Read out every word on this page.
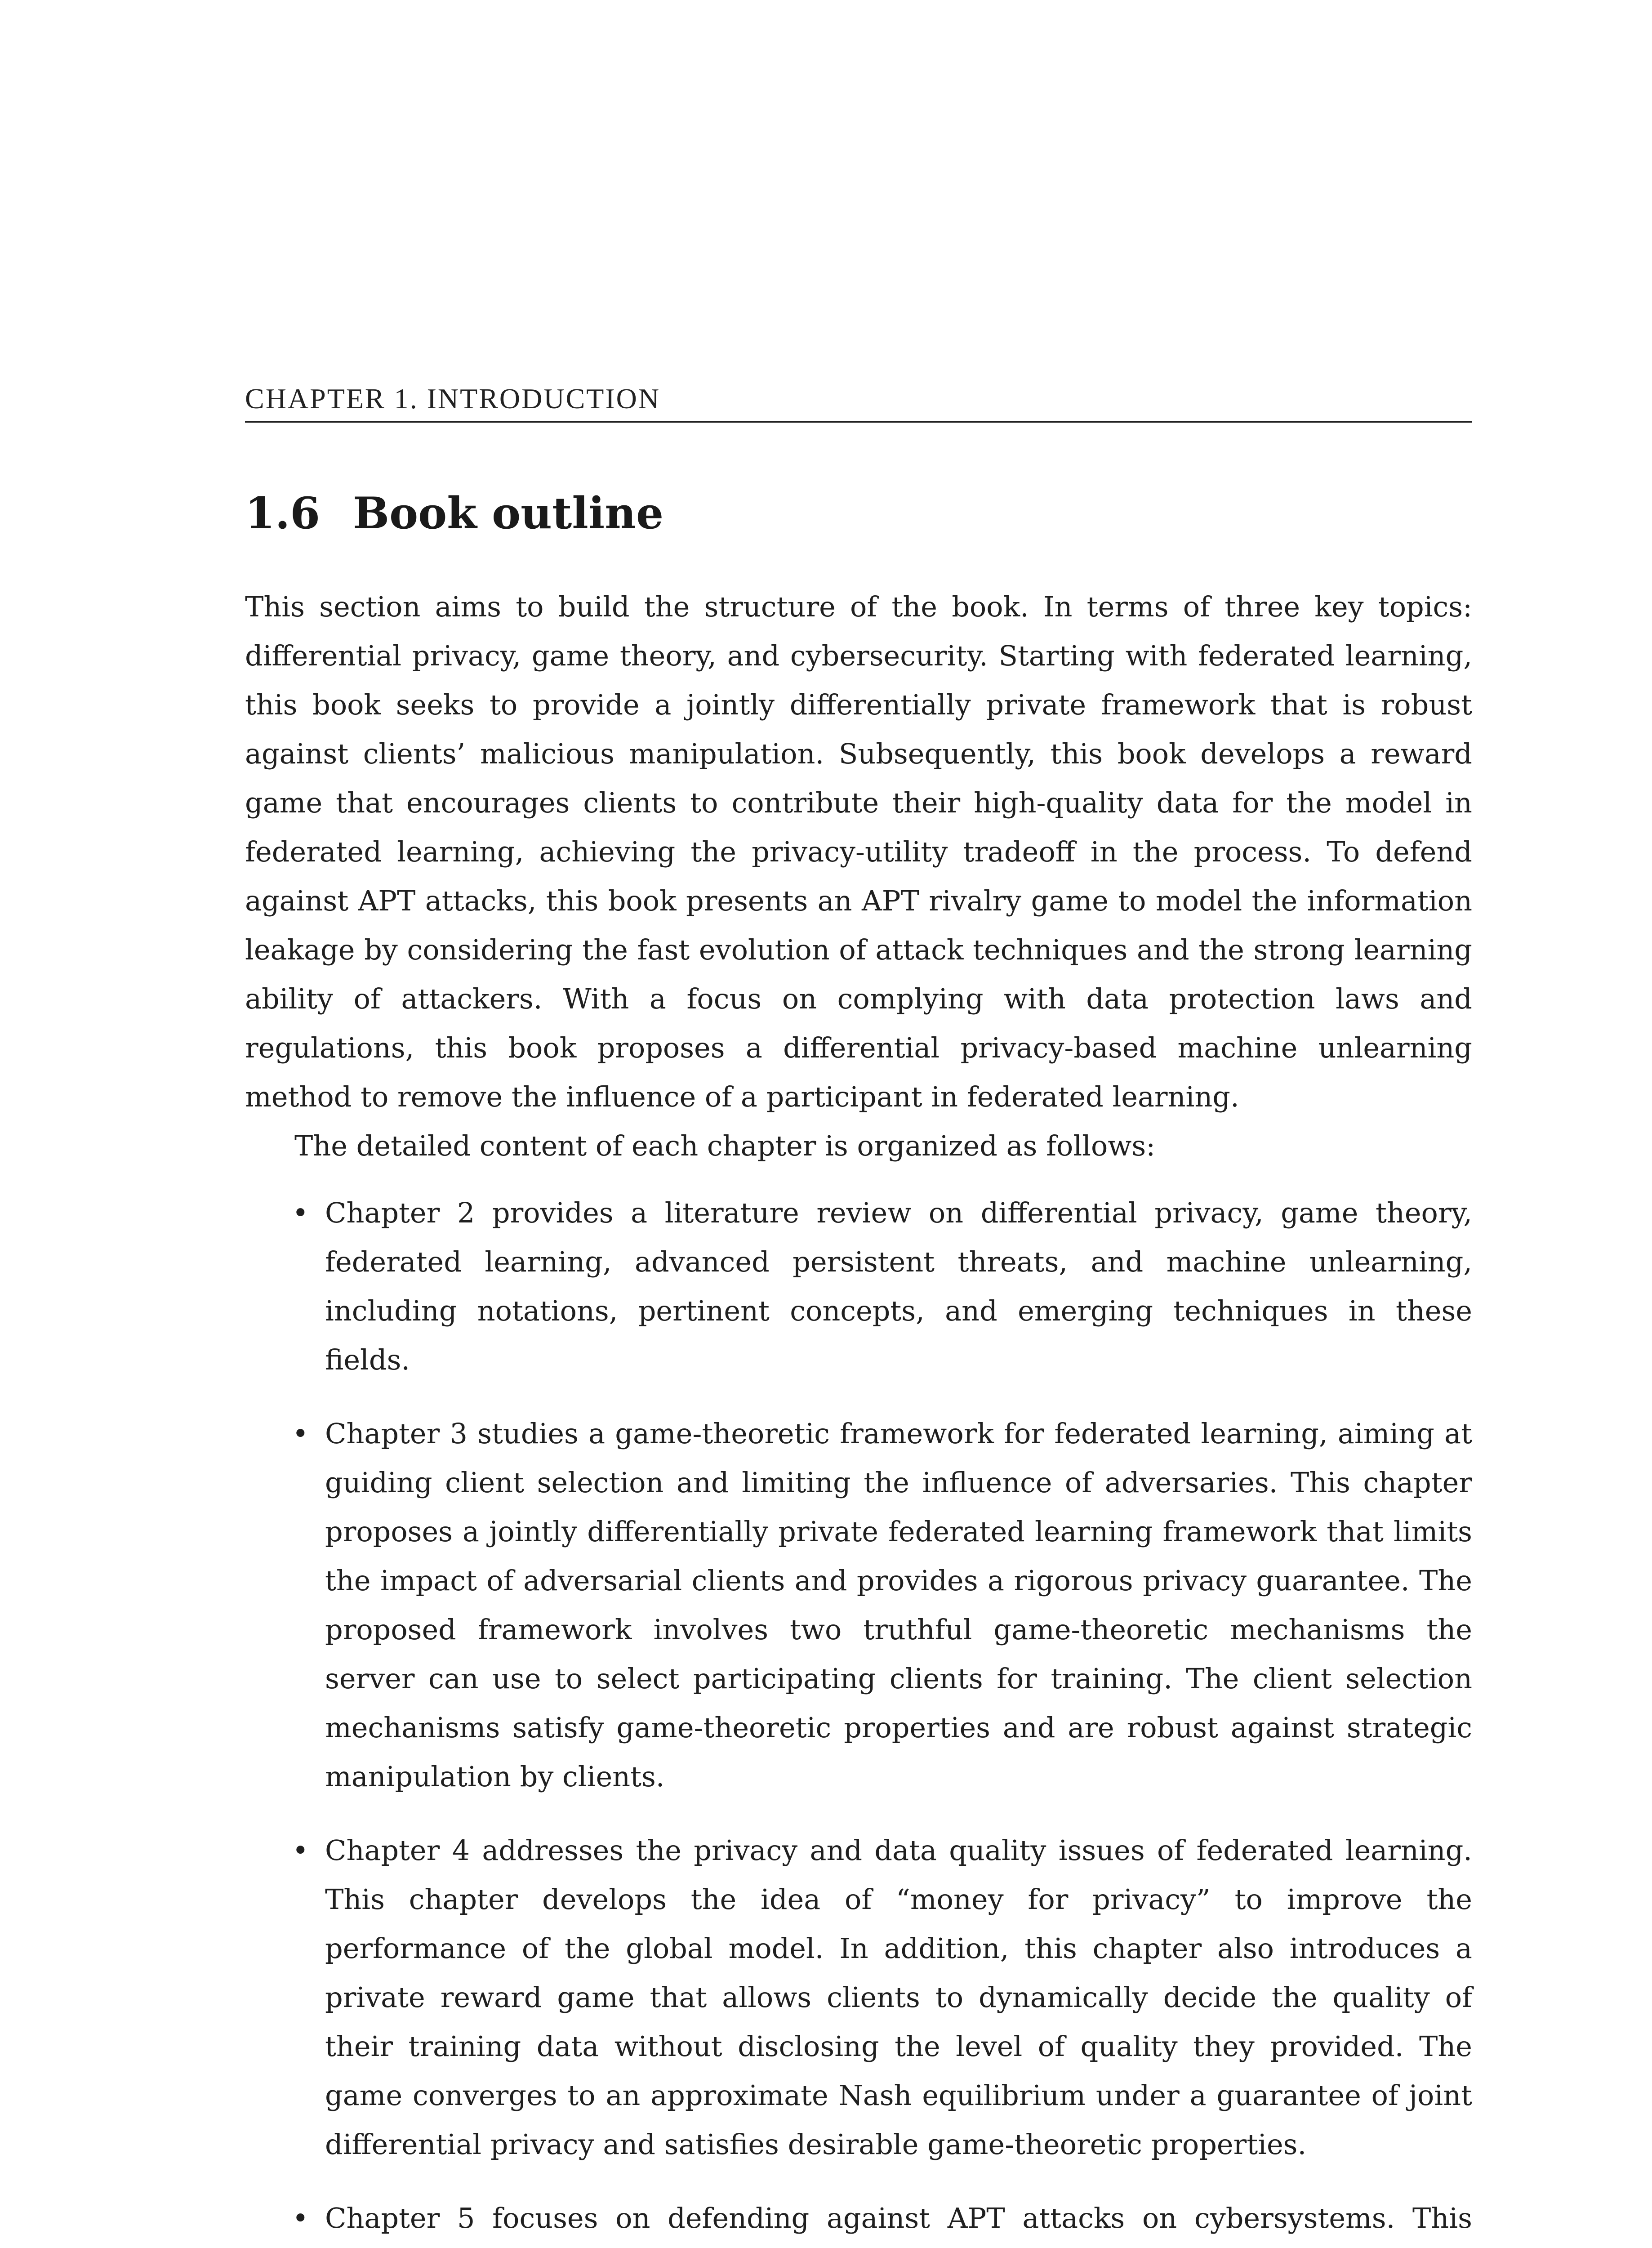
CHAPTER 1. INTRODUCTION
1.6 Book outline

This section aims to build the structure of the book. In terms of three key topics: differential privacy, game theory, and cybersecurity. Starting with federated learning, this book seeks to provide a jointly differentially private framework that is robust against clients’ malicious manipulation. Subsequently, this book develops a reward game that encourages clients to contribute their high-quality data for the model in federated learning, achieving the privacy-utility tradeoff in the process. To defend against APT attacks, this book presents an APT rivalry game to model the information leakage by considering the fast evolution of attack techniques and the strong learning ability of attackers. With a focus on complying with data protection laws and regulations, this book proposes a differential privacy-based machine unlearning method to remove the influence of a participant in federated learning.

The detailed content of each chapter is organized as follows:

• Chapter 2 provides a literature review on differential privacy, game theory, federated learning, advanced persistent threats, and machine unlearning, including notations, pertinent concepts, and emerging techniques in these fields.
• Chapter 3 studies a game-theoretic framework for federated learning, aiming at guiding client selection and limiting the influence of adversaries. This chapter proposes a jointly differentially private federated learning framework that limits the impact of adversarial clients and provides a rigorous privacy guarantee. The proposed framework involves two truthful game-theoretic mechanisms the server can use to select participating clients for training. The client selection mechanisms satisfy game-theoretic properties and are robust against strategic manipulation by clients.
• Chapter 4 addresses the privacy and data quality issues of federated learning. This chapter develops the idea of “money for privacy” to improve the performance of the global model. In addition, this chapter also introduces a private reward game that allows clients to dynamically decide the quality of their training data without disclosing the level of quality they provided. The game converges to an approximate Nash equilibrium under a guarantee of joint differential privacy and satisfies desirable game-theoretic properties.
• Chapter 5 focuses on defending against APT attacks on cybersystems. This
